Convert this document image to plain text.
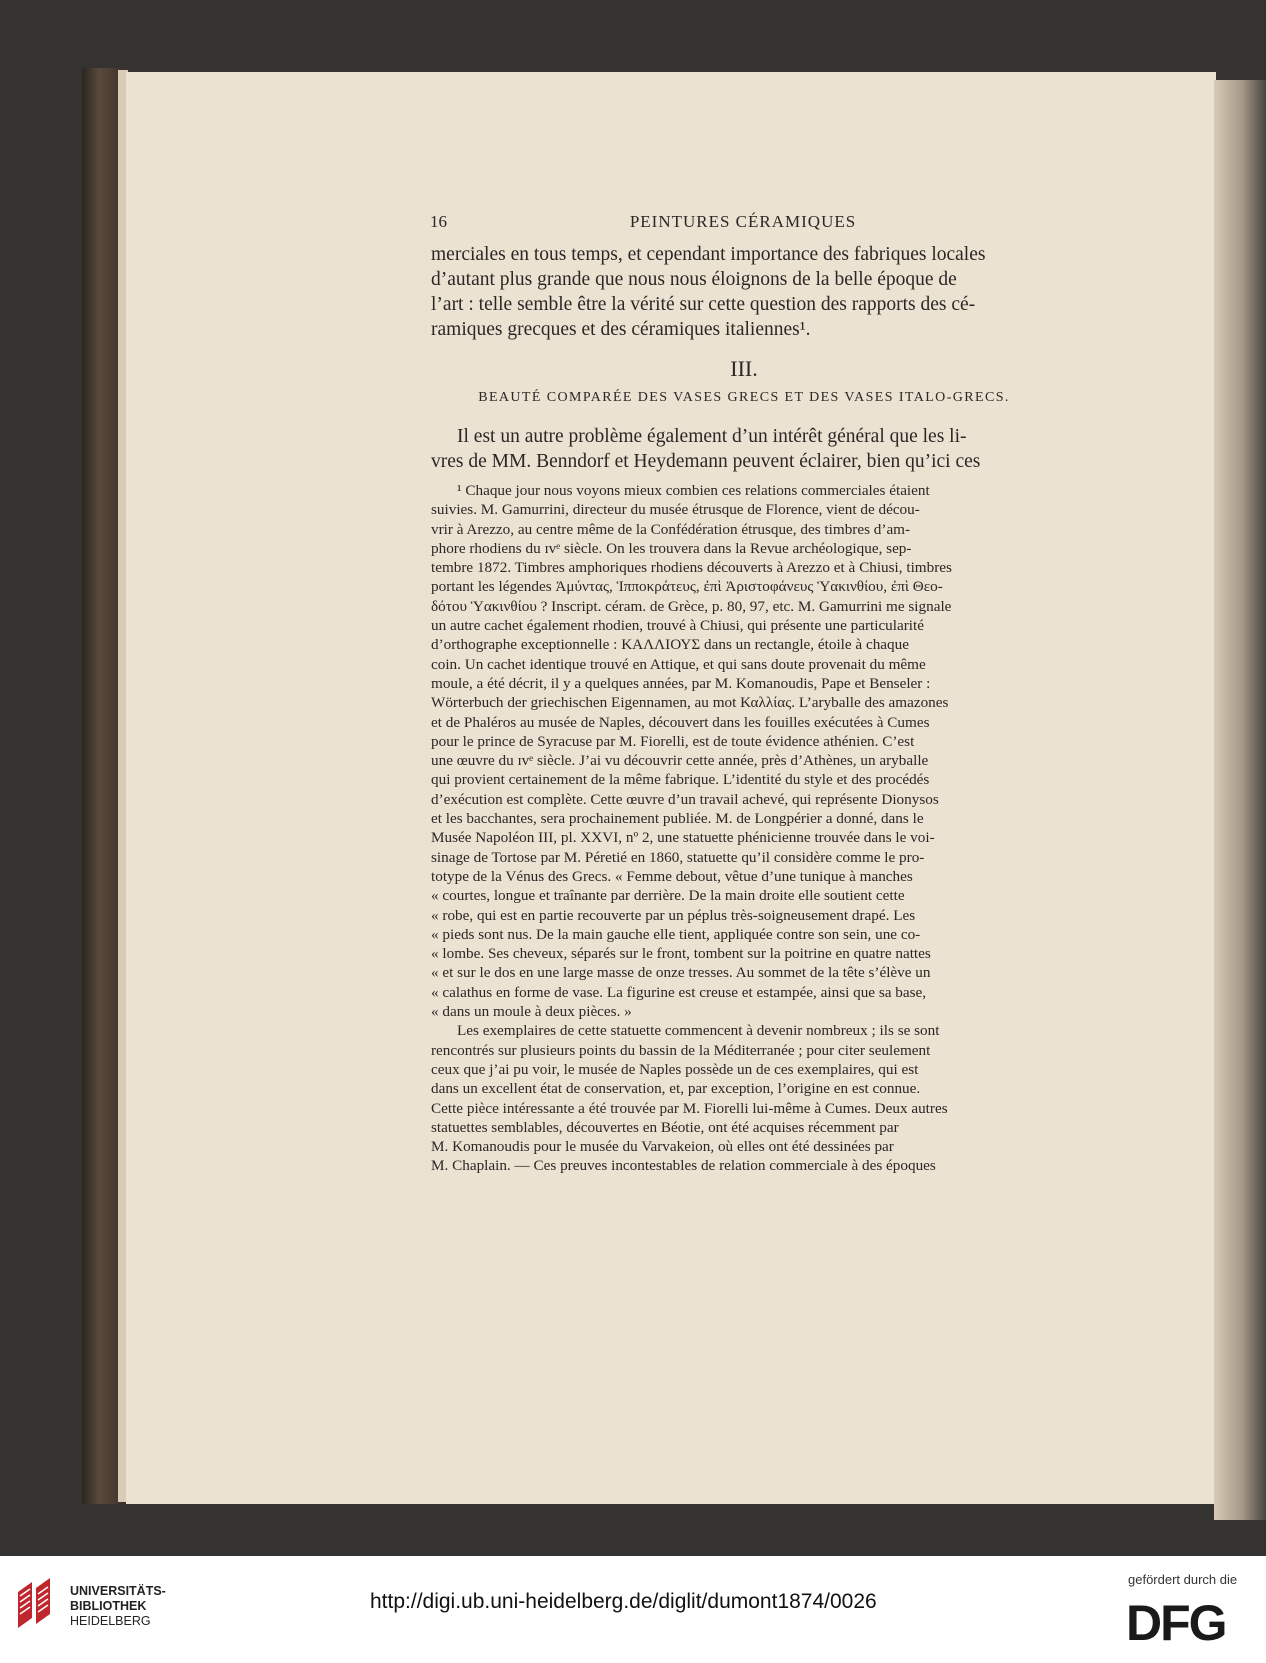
16	PEINTURES CÉRAMIQUES

merciales en tous temps, et cependant importance des fabriques locales

d’autant plus grande que nous nous éloignons de la belle époque de

l’art : telle semble être la vérité sur cette question des rapports des cé-

ramiques grecques et des céramiques italiennes¹.

III.
BEAUTÉ COMPARÉE DES VASES GRECS ET DES VASES ITALO-GRECS.

Il est un autre problème également d’un intérêt général que les li-

vres de MM. Benndorf et Heydemann peuvent éclairer, bien qu’ici ces

¹ Chaque jour nous voyons mieux combien ces relations commerciales étaient

suivies. M. Gamurrini, directeur du musée étrusque de Florence, vient de décou-

vrir à Arezzo, au centre même de la Confédération étrusque, des timbres d’am-

phore rhodiens du ɪᴠᵉ siècle. On les trouvera dans la Revue archéologique, sep-

tembre 1872. Timbres amphoriques rhodiens découverts à Arezzo et à Chiusi, timbres

portant les légendes Ἀμύντας, Ἱπποκράτευς, ἐπὶ Ἀριστοφάνευς Ὑακινθίου, ἐπὶ Θεο-

δότου Ὑακινθίου ? Inscript. céram. de Grèce, p. 80, 97, etc. M. Gamurrini me signale

un autre cachet également rhodien, trouvé à Chiusi, qui présente une particularité

d’orthographe exceptionnelle : ΚΑΛΛΙΟΥΣ dans un rectangle, étoile à chaque

coin. Un cachet identique trouvé en Attique, et qui sans doute provenait du même

moule, a été décrit, il y a quelques années, par M. Komanoudis, Pape et Benseler :

Wörterbuch der griechischen Eigennamen, au mot Καλλίας. L’aryballe des amazones

et de Phaléros au musée de Naples, découvert dans les fouilles exécutées à Cumes

pour le prince de Syracuse par M. Fiorelli, est de toute évidence athénien. C’est

une œuvre du ɪᴠᵉ siècle. J’ai vu découvrir cette année, près d’Athènes, un aryballe

qui provient certainement de la même fabrique. L’identité du style et des procédés

d’exécution est complète. Cette œuvre d’un travail achevé, qui représente Dionysos

et les bacchantes, sera prochainement publiée. M. de Longpérier a donné, dans le

Musée Napoléon III, pl. XXVI, nº 2, une statuette phénicienne trouvée dans le voi-

sinage de Tortose par M. Péretié en 1860, statuette qu’il considère comme le pro-

totype de la Vénus des Grecs. « Femme debout, vêtue d’une tunique à manches

« courtes, longue et traînante par derrière. De la main droite elle soutient cette

« robe, qui est en partie recouverte par un péplus très-soigneusement drapé. Les

« pieds sont nus. De la main gauche elle tient, appliquée contre son sein, une co-

« lombe. Ses cheveux, séparés sur le front, tombent sur la poitrine en quatre nattes

« et sur le dos en une large masse de onze tresses. Au sommet de la tête s’élève un

« calathus en forme de vase. La figurine est creuse et estampée, ainsi que sa base,

« dans un moule à deux pièces. »

Les exemplaires de cette statuette commencent à devenir nombreux ; ils se sont

rencontrés sur plusieurs points du bassin de la Méditerranée ; pour citer seulement

ceux que j’ai pu voir, le musée de Naples possède un de ces exemplaires, qui est

dans un excellent état de conservation, et, par exception, l’origine en est connue.

Cette pièce intéressante a été trouvée par M. Fiorelli lui-même à Cumes. Deux autres

statuettes semblables, découvertes en Béotie, ont été acquises récemment par

M. Komanoudis pour le musée du Varvakeion, où elles ont été dessinées par

M. Chaplain. — Ces preuves incontestables de relation commerciale à des époques

UNIVERSITÄTS-
BIBLIOTHEK
HEIDELBERG
http://digi.ub.uni-heidelberg.de/diglit/dumont1874/0026
gefördert durch die
DFG
